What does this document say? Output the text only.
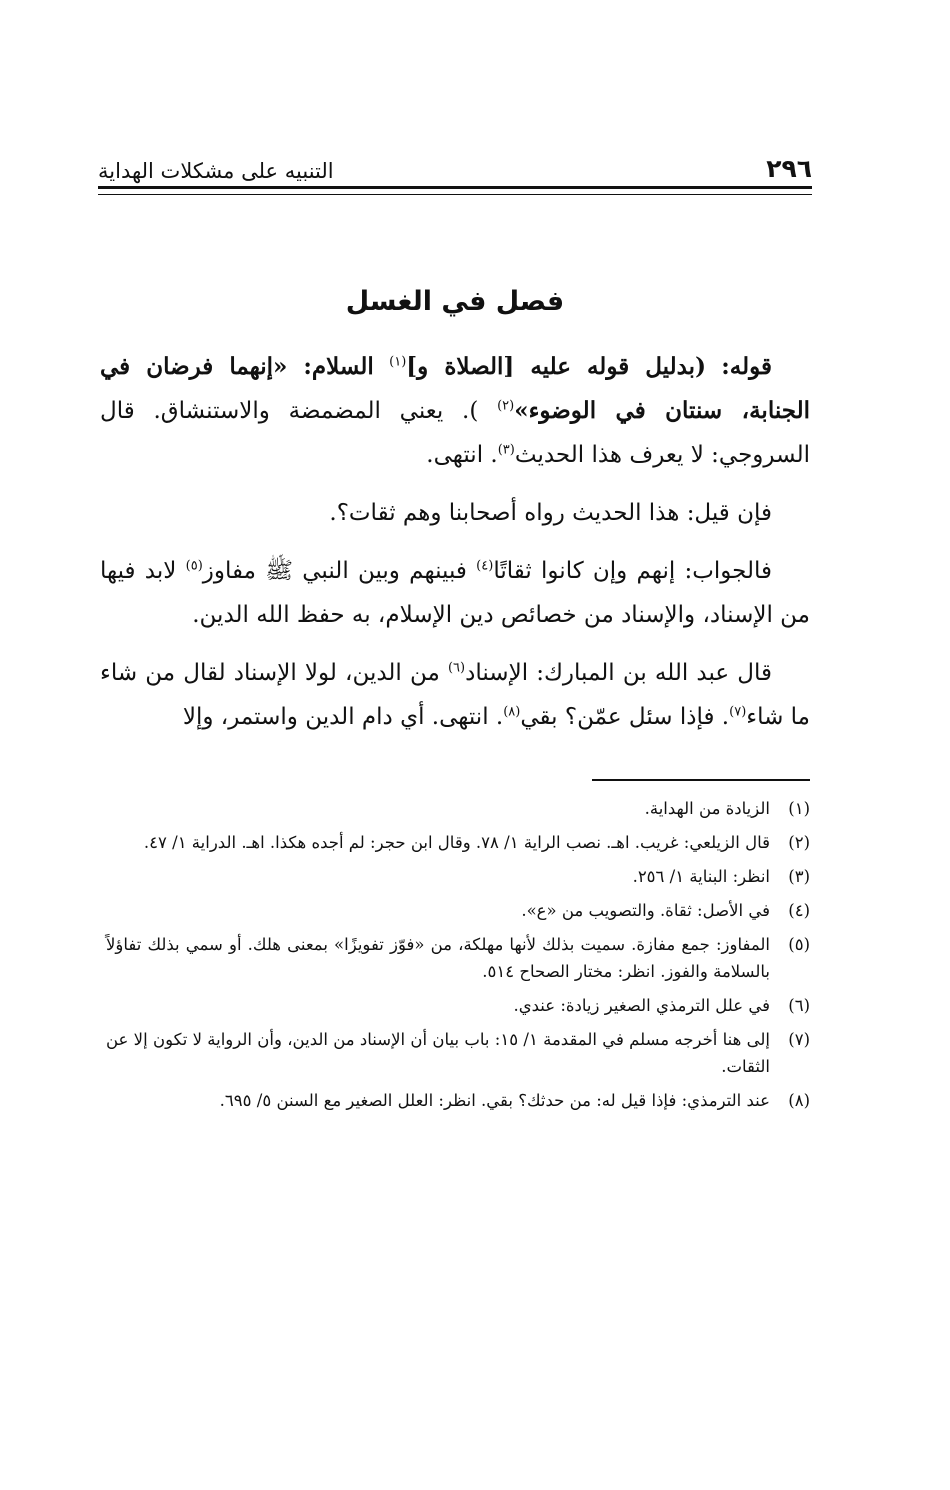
٢٩٦
التنبيه على مشكلات الهداية
فصل في الغسل

قوله: (بدليل قوله عليه [الصلاة و]$^{(١)}$ السلام: «إنهما فرضان في الجنابة، سنتان في الوضوء»$^{(٢)}$ ). يعني المضمضة والاستنشاق. قال السروجي: لا يعرف هذا الحديث$^{(٣)}$. انتهى.

فإن قيل: هذا الحديث رواه أصحابنا وهم ثقات؟.

فالجواب: إنهم وإن كانوا ثقاتًا$^{(٤)}$ فبينهم وبين النبي ﷺ مفاوز$^{(٥)}$ لابد فيها من الإسناد، والإسناد من خصائص دين الإسلام، به حفظ الله الدين.

قال عبد الله بن المبارك: الإسناد$^{(٦)}$ من الدين، لولا الإسناد لقال من شاء ما شاء$^{(٧)}$. فإذا سئل عمّن؟ بقي$^{(٨)}$. انتهى. أي دام الدين واستمر، وإلا

(١)
الزيادة من الهداية.

(٢)
قال الزيلعي: غريب. اهـ. نصب الراية ١/ ٧٨. وقال ابن حجر: لم أجده هكذا. اهـ. الدراية ١/ ٤٧.

(٣)
انظر: البناية ١/ ٢٥٦.

(٤)
في الأصل: ثقاة. والتصويب من «ع».

(٥)
المفاوز: جمع مفازة. سميت بذلك لأنها مهلكة، من «فوّز تفويزًا» بمعنى هلك. أو سمي بذلك تفاؤلاً بالسلامة والفوز. انظر: مختار الصحاح ٥١٤.

(٦)
في علل الترمذي الصغير زيادة: عندي.

(٧)
إلى هنا أخرجه مسلم في المقدمة ١/ ١٥: باب بيان أن الإسناد من الدين، وأن الرواية لا تكون إلا عن الثقات.

(٨)
عند الترمذي: فإذا قيل له: من حدثك؟ بقي. انظر: العلل الصغير مع السنن ٥/ ٦٩٥.
